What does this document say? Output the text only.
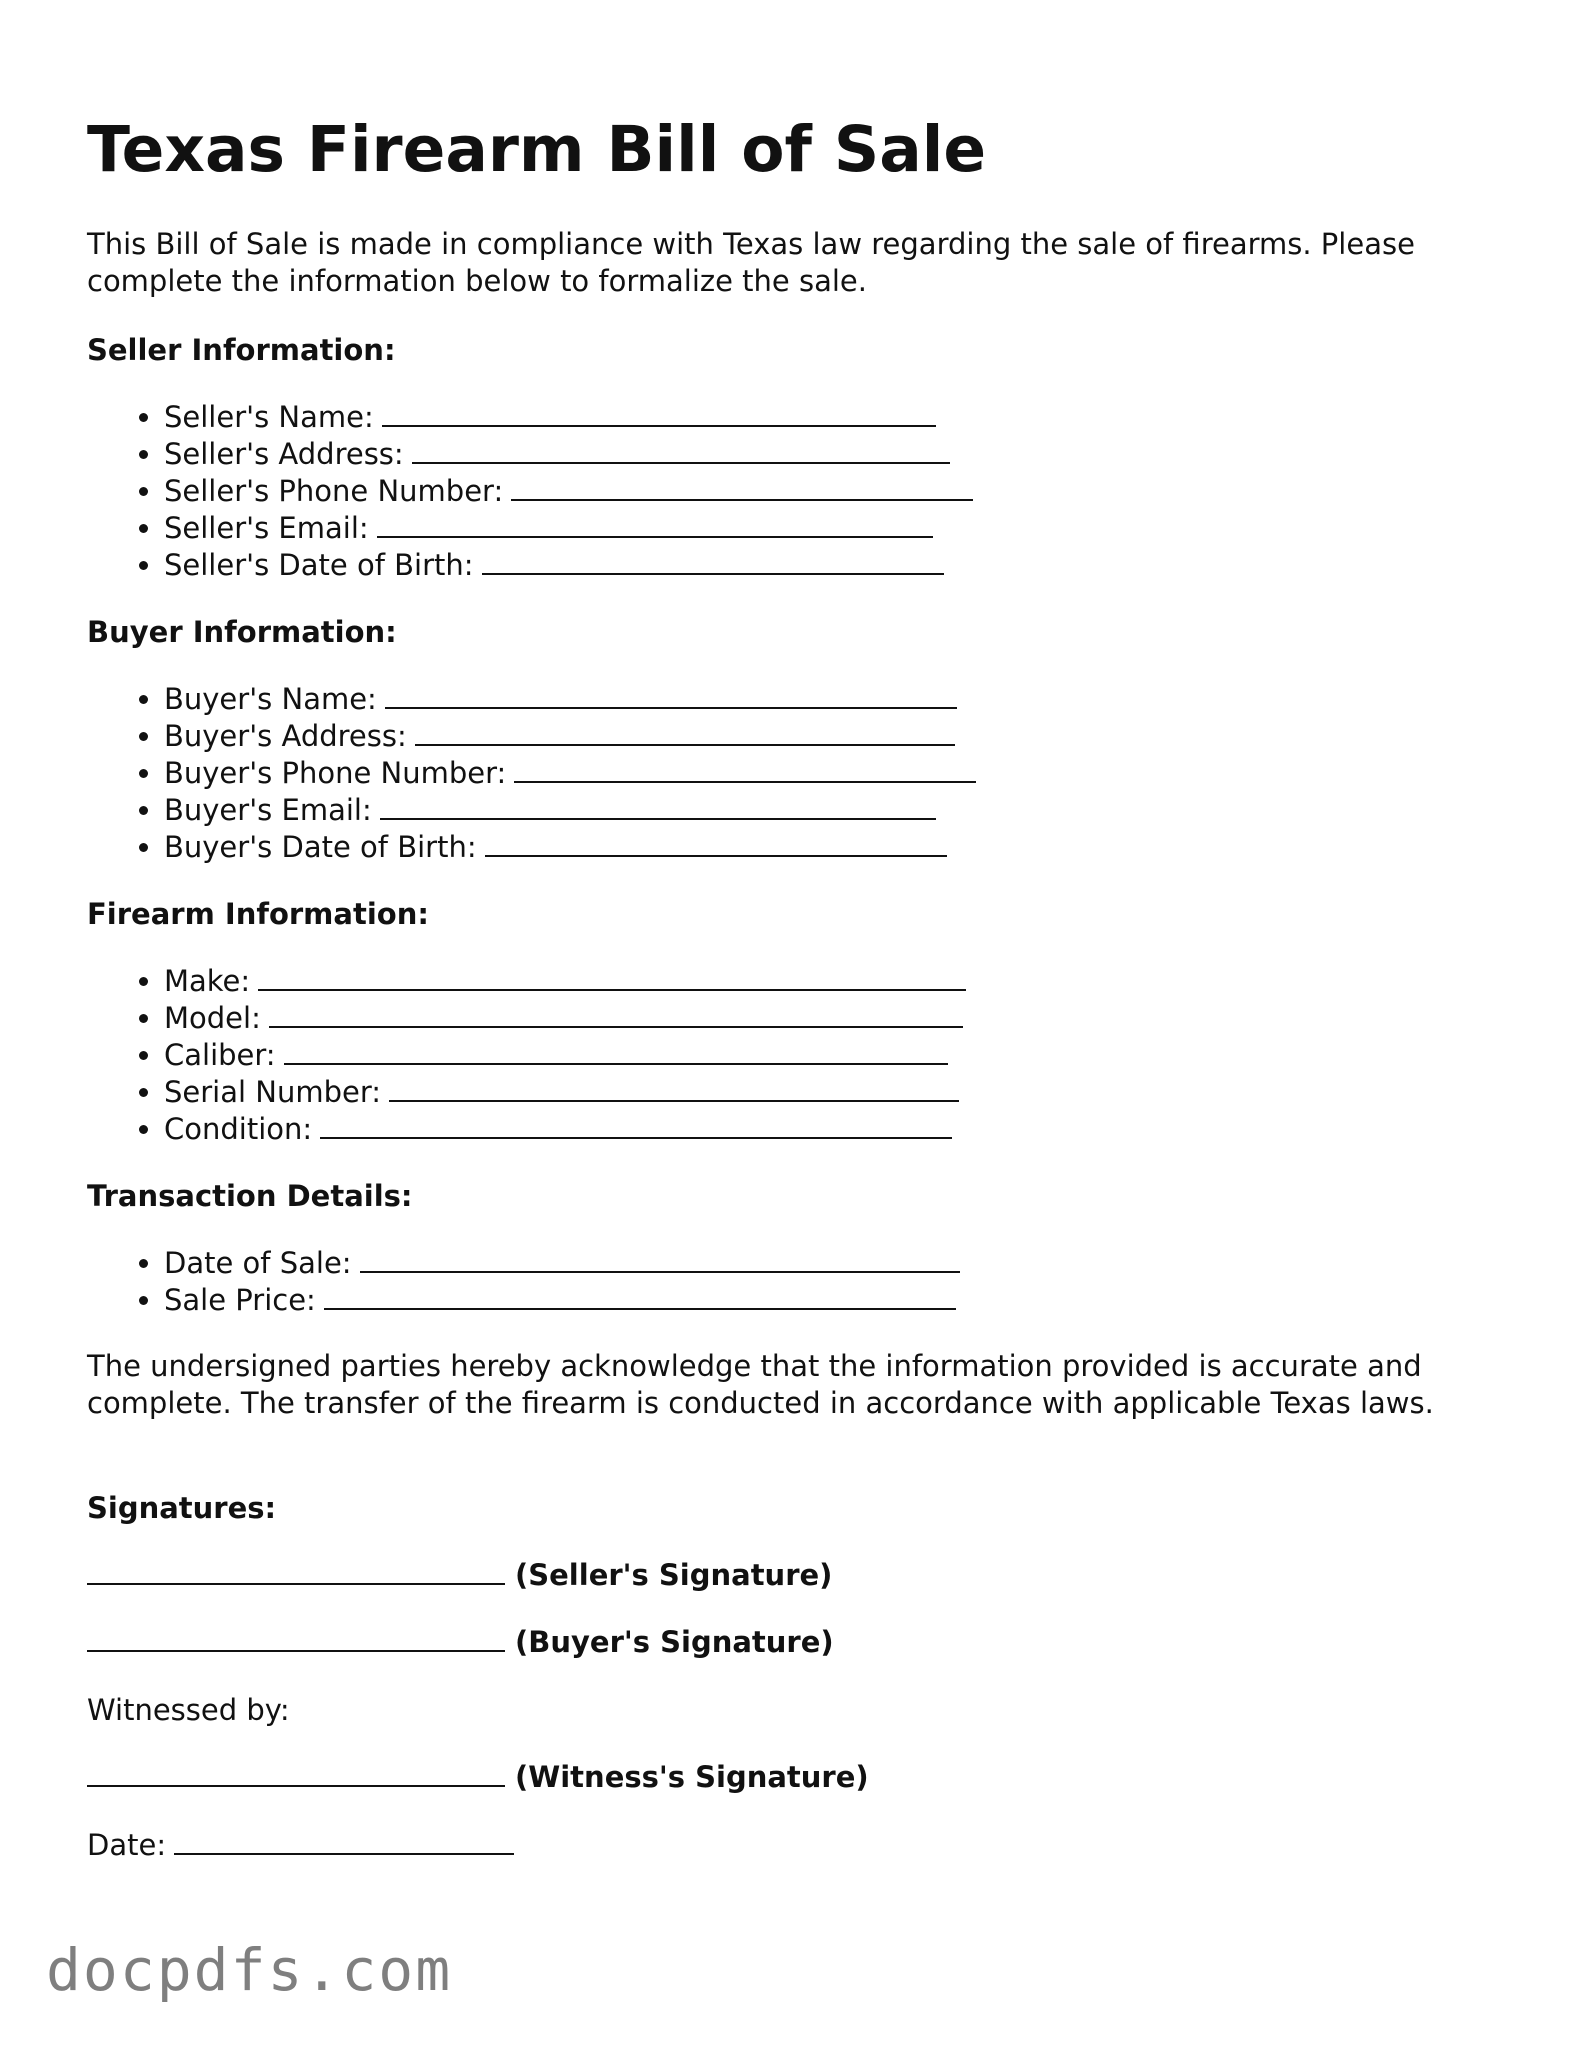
Texas Firearm Bill of Sale

This Bill of Sale is made in compliance with Texas law regarding the sale of firearms. Please complete the information below to formalize the sale.

Seller Information:
• Seller's Name:
• Seller's Address:
• Seller's Phone Number:
• Seller's Email:
• Seller's Date of Birth:
Buyer Information:
• Buyer's Name:
• Buyer's Address:
• Buyer's Phone Number:
• Buyer's Email:
• Buyer's Date of Birth:
Firearm Information:
• Make:
• Model:
• Caliber:
• Serial Number:
• Condition:
Transaction Details:
• Date of Sale:
• Sale Price:

The undersigned parties hereby acknowledge that the information provided is accurate and complete. The transfer of the firearm is conducted in accordance with applicable Texas laws.

Signatures:
(Seller's Signature)
(Buyer's Signature)
Witnessed by:
(Witness's Signature)
Date:

docpdfs.com
